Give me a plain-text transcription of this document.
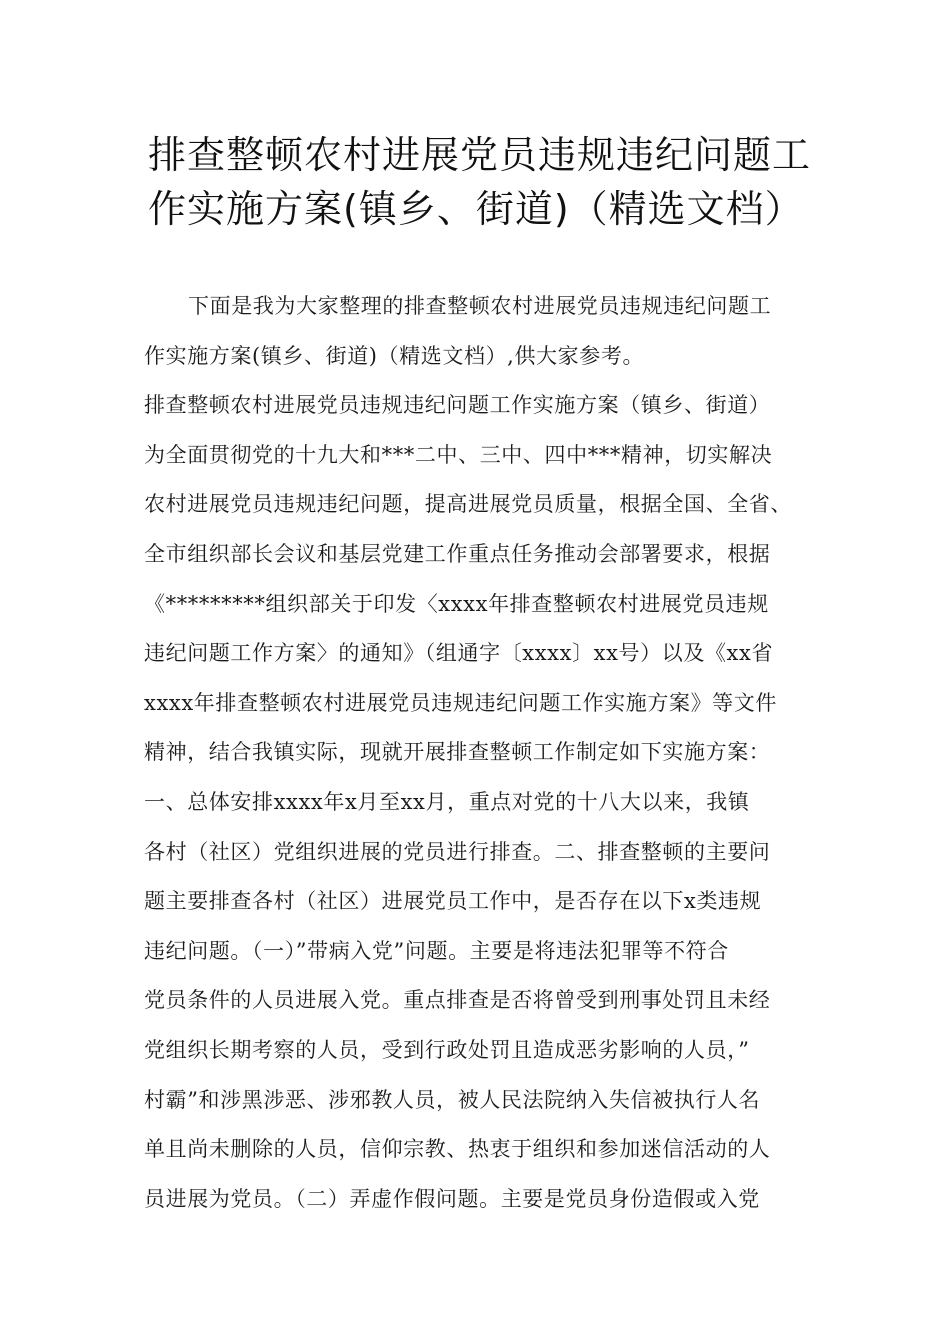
排查整顿农村进展党员违规违纪问题工
作实施方案(镇乡、街道)（精选文档）
下面是我为大家整理的排查整顿农村进展党员违规违纪问题工
作实施方案(镇乡、街道)（精选文档）,供大家参考。
排查整顿农村进展党员违规违纪问题工作实施方案（镇乡、街道）
为全面贯彻党的十九大和***二中、三中、四中***精神，切实解决
农村进展党员违规违纪问题，提高进展党员质量，根据全国、全省、
全市组织部长会议和基层党建工作重点任务推动会部署要求，根据
《*********组织部关于印发〈xxxx年排查整顿农村进展党员违规
违纪问题工作方案〉的通知》（组通字〔xxxx〕xx号）以及《xx省
xxxx年排查整顿农村进展党员违规违纪问题工作实施方案》等文件
精神，结合我镇实际，现就开展排查整顿工作制定如下实施方案：
一、总体安排xxxx年x月至xx月，重点对党的十八大以来，我镇
各村（社区）党组织进展的党员进行排查。二、排查整顿的主要问
题主要排查各村（社区）进展党员工作中，是否存在以下x类违规
违纪问题。（一）”带病入党”问题。主要是将违法犯罪等不符合
党员条件的人员进展入党。重点排查是否将曾受到刑事处罚且未经
党组织长期考察的人员，受到行政处罚且造成恶劣影响的人员，”
村霸”和涉黑涉恶、涉邪教人员，被人民法院纳入失信被执行人名
单且尚未删除的人员，信仰宗教、热衷于组织和参加迷信活动的人
员进展为党员。（二）弄虚作假问题。主要是党员身份造假或入党
